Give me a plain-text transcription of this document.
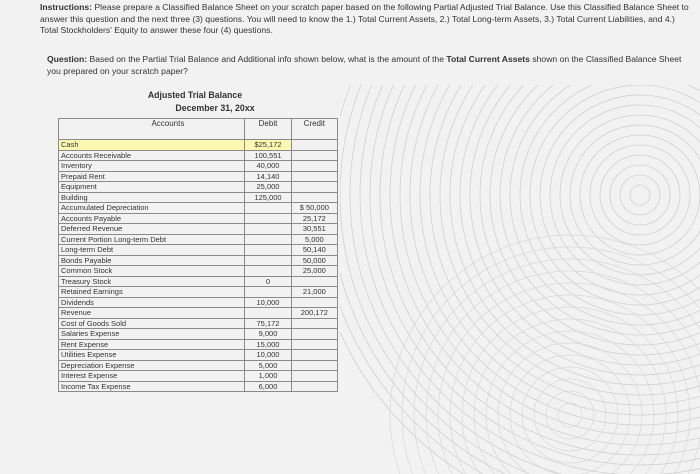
Instructions: Please prepare a Classified Balance Sheet on your scratch paper based on the following Partial Adjusted Trial Balance. Use this Classified Balance Sheet to answer this question and the next three (3) questions. You will need to know the 1.) Total Current Assets, 2.) Total Long-term Assets, 3.) Total Current Liabilities, and 4.) Total Stockholders' Equity to answer these four (4) questions.
Question: Based on the Partial Trial Balance and Additional info shown below, what is the amount of the Total Current Assets shown on the Classified Balance Sheet you prepared on your scratch paper?
Adjusted Trial Balance
December 31, 20xx
Accounts	Debit	Credit
Cash	$25,172	
Accounts Receivable	100,551	
Inventory	40,000	
Prepaid Rent	14,140	
Equipment	25,000	
Building	125,000	
Accumulated Depreciation		$ 50,000
Accounts Payable		25,172
Deferred Revenue		30,551
Current Portion Long-term Debt		5,000
Long-term Debt		50,140
Bonds Payable		50,000
Common Stock		25,000
Treasury Stock	0	
Retained Earnings		21,000
Dividends	10,000	
Revenue		200,172
Cost of Goods Sold	75,172	
Salaries Expense	9,000	
Rent Expense	15,000	
Utilities Expense	10,000	
Depreciation Expense	5,000	
Interest Expense	1,000	
Income Tax Expense	6,000	
